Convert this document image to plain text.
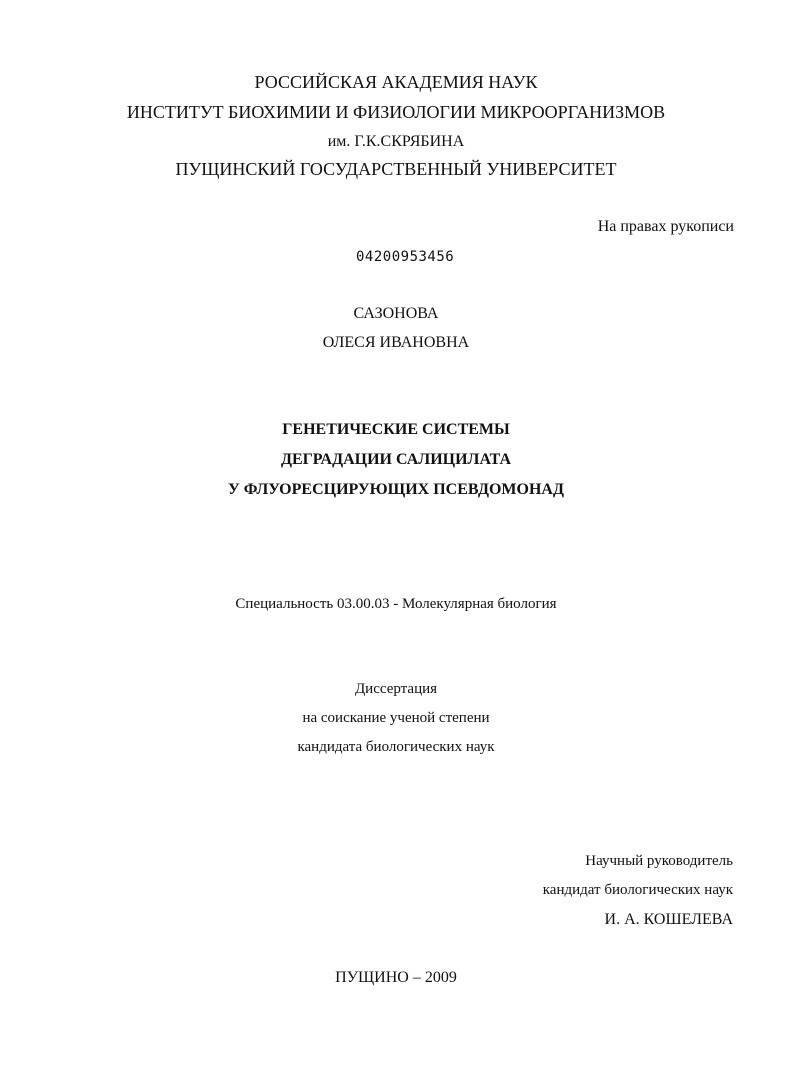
РОССИЙСКАЯ АКАДЕМИЯ НАУК
ИНСТИТУТ БИОХИМИИ И ФИЗИОЛОГИИ МИКРООРГАНИЗМОВ
им. Г.К.СКРЯБИНА
ПУЩИНСКИЙ ГОСУДАРСТВЕННЫЙ УНИВЕРСИТЕТ
На правах рукописи
04200953456
САЗОНОВА
ОЛЕСЯ ИВАНОВНА
ГЕНЕТИЧЕСКИЕ СИСТЕМЫ
ДЕГРАДАЦИИ САЛИЦИЛАТА
У ФЛУОРЕСЦИРУЮЩИХ ПСЕВДОМОНАД
Специальность 03.00.03 - Молекулярная биология
Диссертация
на соискание ученой степени
кандидата биологических наук
Научный руководитель
кандидат биологических наук
И. А. КОШЕЛЕВА
ПУЩИНО – 2009
